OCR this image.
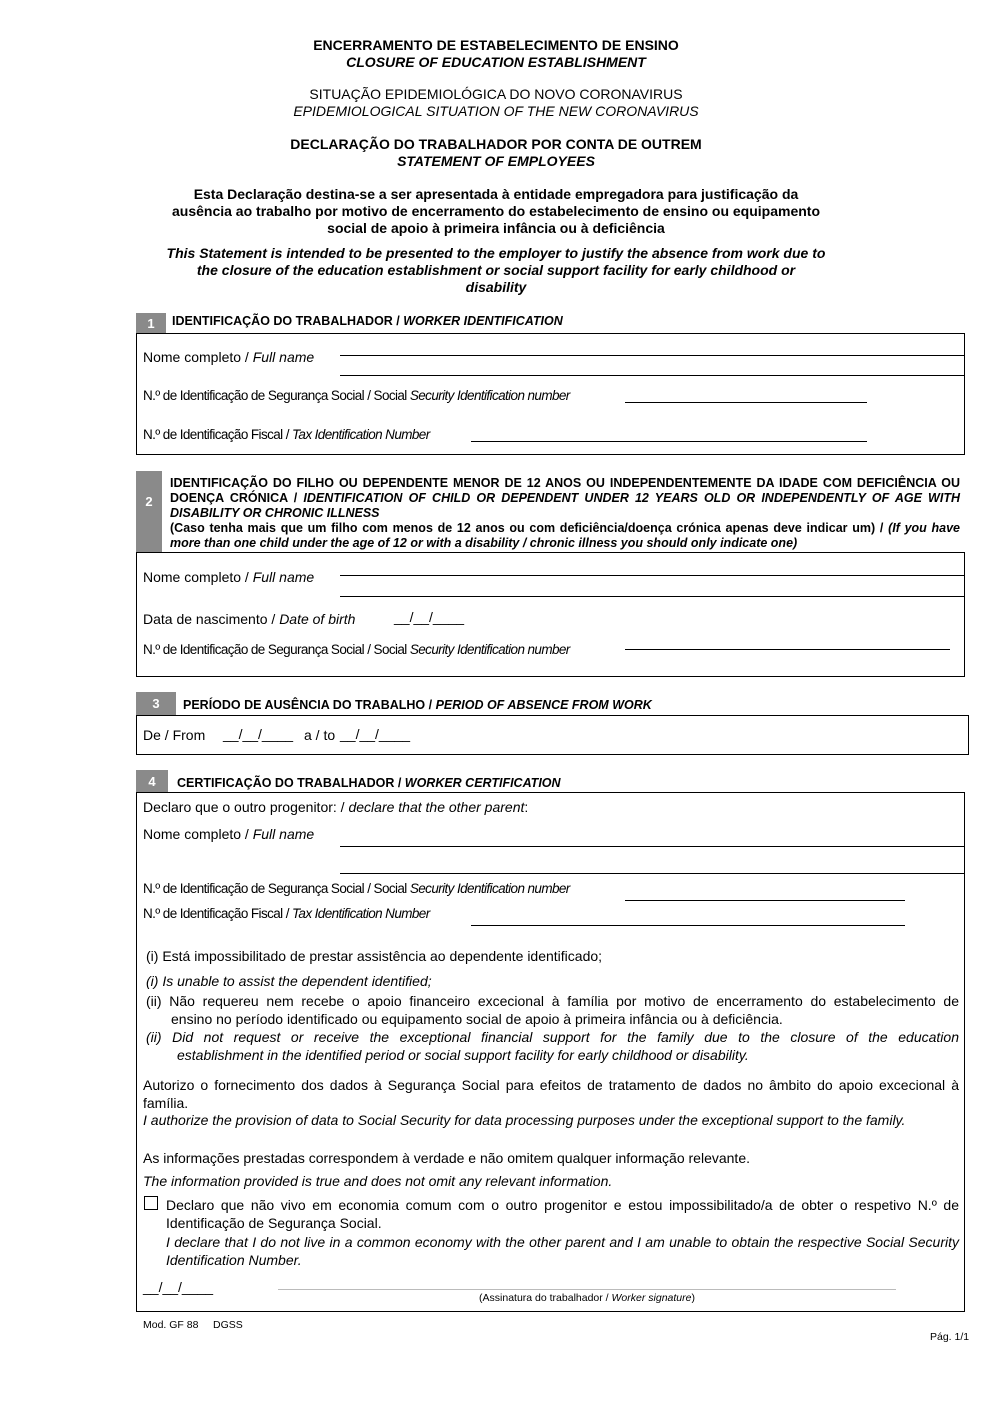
ENCERRAMENTO DE ESTABELECIMENTO DE ENSINO
CLOSURE OF EDUCATION ESTABLISHMENT
SITUAÇÃO EPIDEMIOLÓGICA DO NOVO CORONAVIRUS
EPIDEMIOLOGICAL SITUATION OF THE NEW CORONAVIRUS
DECLARAÇÃO DO TRABALHADOR POR CONTA DE OUTREM
STATEMENT OF EMPLOYEES
Esta Declaração destina-se a ser apresentada à entidade empregadora para justificação da
ausência ao trabalho por motivo de encerramento do estabelecimento de ensino ou equipamento
social de apoio à primeira infância ou à deficiência
This Statement is intended to be presented to the employer to justify the absence from work due to
the closure of the education establishment or social support facility for early childhood or
disability
1	IDENTIFICAÇÃO DO TRABALHADOR / WORKER IDENTIFICATION
Nome completo / Full name
N.º de Identificação de Segurança Social / Social Security Identification number
N.º de Identificação Fiscal / Tax Identification Number
2
IDENTIFICAÇÃO DO FILHO OU DEPENDENTE MENOR DE 12 ANOS OU INDEPENDENTEMENTE DA IDADE COM DEFICIÊNCIA OU DOENÇA CRÓNICA / IDENTIFICATION OF CHILD OR DEPENDENT UNDER 12 YEARS OLD OR INDEPENDENTLY OF AGE WITH DISABILITY OR CHRONIC ILLNESS
(Caso tenha mais que um filho com menos de 12 anos ou com deficiência/doença crónica apenas deve indicar um) / (If you have more than one child under the age of 12 or with a disability / chronic illness you should only indicate one)
Nome completo / Full name
Data de nascimento / Date of birth	__/__/____
N.º de Identificação de Segurança Social / Social Security Identification number
3	PERÍODO DE AUSÊNCIA DO TRABALHO / PERIOD OF ABSENCE FROM WORK
De / From __/__/____ a / to __/__/____
4	CERTIFICAÇÃO DO TRABALHADOR / WORKER CERTIFICATION
Declaro que o outro progenitor: / declare that the other parent:
Nome completo / Full name
N.º de Identificação de Segurança Social / Social Security Identification number
N.º de Identificação Fiscal / Tax Identification Number
(i) Está impossibilitado de prestar assistência ao dependente identificado;
(i) Is unable to assist the dependent identified;
(ii) Não requereu nem recebe o apoio financeiro excecional à família por motivo de encerramento do estabelecimento de
ensino no período identificado ou equipamento social de apoio à primeira infância ou à deficiência.
(ii) Did not request or receive the exceptional financial support for the family due to the closure of the education
establishment in the identified period or social support facility for early childhood or disability.
Autorizo o fornecimento dos dados à Segurança Social para efeitos de tratamento de dados no âmbito do apoio excecional à família.
I authorize the provision of data to Social Security for data processing purposes under the exceptional support to the family.
As informações prestadas correspondem à verdade e não omitem qualquer informação relevante.
The information provided is true and does not omit any relevant information.
Declaro que não vivo em economia comum com o outro progenitor e estou impossibilitado/a de obter o respetivo N.º de Identificação de Segurança Social.
I declare that I do not live in a common economy with the other parent and I am unable to obtain the respective Social Security Identification Number.
__/__/____
(Assinatura do trabalhador / Worker signature)
Mod. GF 88     DGSS
Pág. 1/1
